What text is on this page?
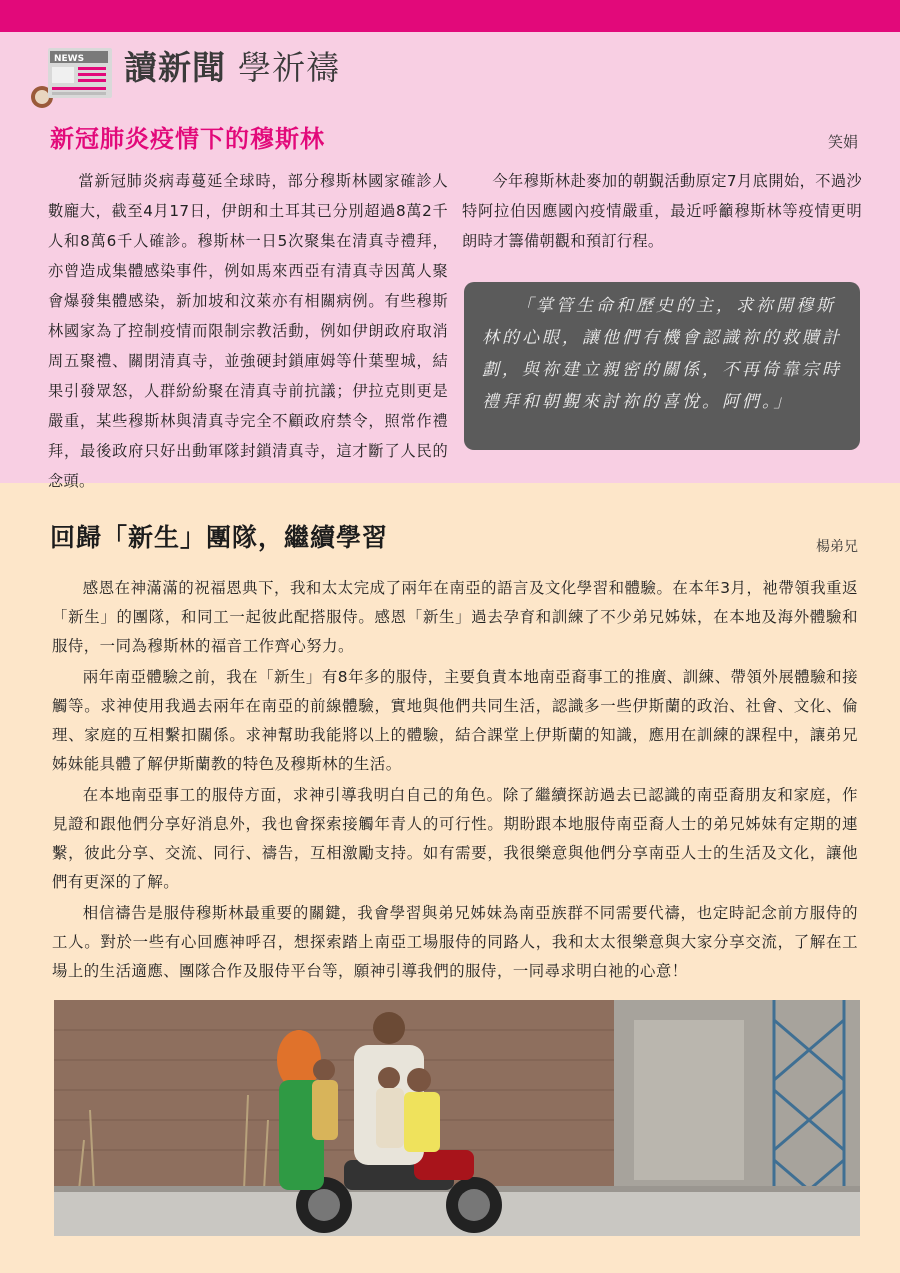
NEWS 讀新聞 學祈禱
新冠肺炎疫情下的穆斯林	笑娟

當新冠肺炎病毒蔓延全球時，部分穆斯林國家確診人數龐大，截至4月17日，伊朗和土耳其已分別超過8萬2千人和8萬6千人確診。穆斯林一日5次聚集在清真寺禮拜，亦曾造成集體感染事件，例如馬來西亞有清真寺因萬人聚會爆發集體感染，新加坡和汶萊亦有相關病例。有些穆斯林國家為了控制疫情而限制宗教活動，例如伊朗政府取消周五聚禮、關閉清真寺，並強硬封鎖庫姆等什葉聖城，結果引發眾怒，人群紛紛聚在清真寺前抗議；伊拉克則更是嚴重，某些穆斯林與清真寺完全不顧政府禁令，照常作禮拜，最後政府只好出動軍隊封鎖清真寺，這才斷了人民的念頭。

今年穆斯林赴麥加的朝覲活動原定7月底開始，不過沙特阿拉伯因應國內疫情嚴重，最近呼籲穆斯林等疫情更明朗時才籌備朝觀和預訂行程。

「掌管生命和歷史的主，求祢開穆斯林的心眼，讓他們有機會認識祢的救贖計劃，與祢建立親密的關係，不再倚靠宗時禮拜和朝覲來討祢的喜悅。阿們。」

回歸「新生」團隊，繼續學習	楊弟兄

感恩在神滿滿的祝福恩典下，我和太太完成了兩年在南亞的語言及文化學習和體驗。在本年3月，祂帶領我重返「新生」的團隊，和同工一起彼此配搭服侍。感恩「新生」過去孕育和訓練了不少弟兄姊妹，在本地及海外體驗和服侍，一同為穆斯林的福音工作齊心努力。

兩年南亞體驗之前，我在「新生」有8年多的服侍，主要負責本地南亞裔事工的推廣、訓練、帶領外展體驗和接觸等。求神使用我過去兩年在南亞的前線體驗，實地與他們共同生活，認識多一些伊斯蘭的政治、社會、文化、倫理、家庭的互相繫扣關係。求神幫助我能將以上的體驗，結合課堂上伊斯蘭的知識，應用在訓練的課程中，讓弟兄姊妹能具體了解伊斯蘭教的特色及穆斯林的生活。

在本地南亞事工的服侍方面，求神引導我明白自己的角色。除了繼續探訪過去已認識的南亞裔朋友和家庭，作見證和跟他們分享好消息外，我也會探索接觸年青人的可行性。期盼跟本地服侍南亞裔人士的弟兄姊妹有定期的連繫，彼此分享、交流、同行、禱告，互相激勵支持。如有需要，我很樂意與他們分享南亞人士的生活及文化，讓他們有更深的了解。

相信禱告是服侍穆斯林最重要的關鍵，我會學習與弟兄姊妹為南亞族群不同需要代禱，也定時記念前方服侍的工人。對於一些有心回應神呼召，想探索踏上南亞工場服侍的同路人，我和太太很樂意與大家分享交流，了解在工場上的生活適應、團隊合作及服侍平台等，願神引導我們的服侍，一同尋求明白祂的心意！
